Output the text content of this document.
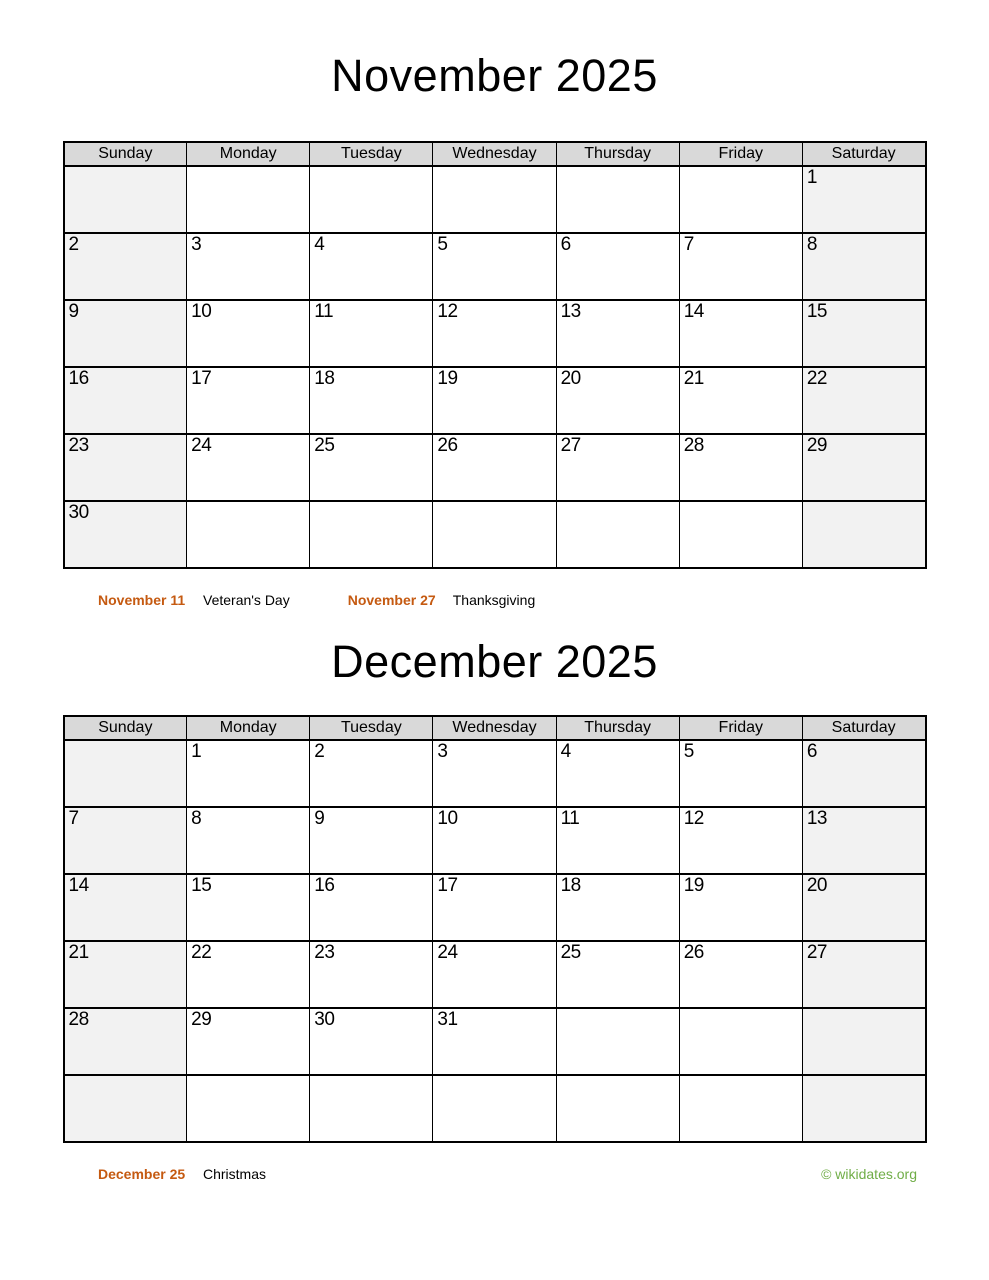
November 2025
Sunday	Monday	Tuesday	Wednesday	Thursday	Friday	Saturday

						1

2	3	4	5	6	7	8

9	10	11	12	13	14	15

16	17	18	19	20	21	22

23	24	25	26	27	28	29

30						

November 11	Veteran's Day	November 27	Thanksgiving
December 2025
Sunday	Monday	Tuesday	Wednesday	Thursday	Friday	Saturday

	1	2	3	4	5	6

7	8	9	10	11	12	13

14	15	16	17	18	19	20

21	22	23	24	25	26	27

28	29	30	31			

December 25	Christmas	© wikidates.org
